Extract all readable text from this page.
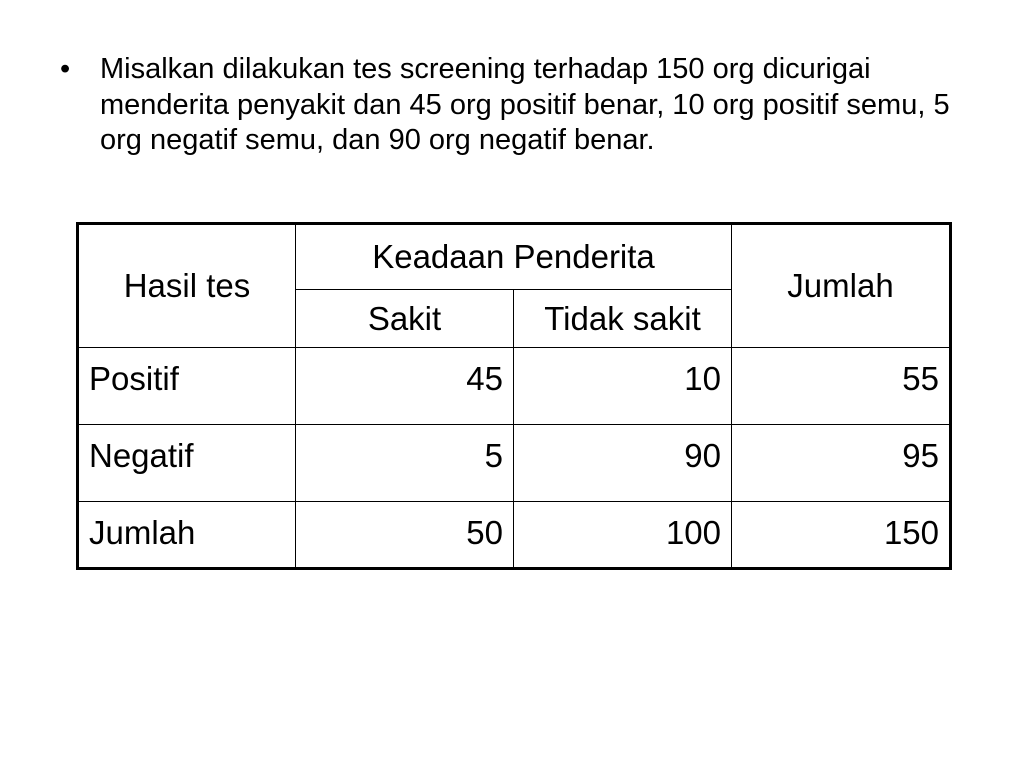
•	Misalkan dilakukan tes screening terhadap 150 org dicurigai menderita penyakit dan 45 org positif benar, 10 org positif semu, 5 org negatif semu, dan 90 org negatif benar.
Hasil tes	Keadaan Penderita		Jumlah
	Sakit	Tidak sakit	
Positif	45	10	55
Negatif	5	90	95
Jumlah	50	100	150
